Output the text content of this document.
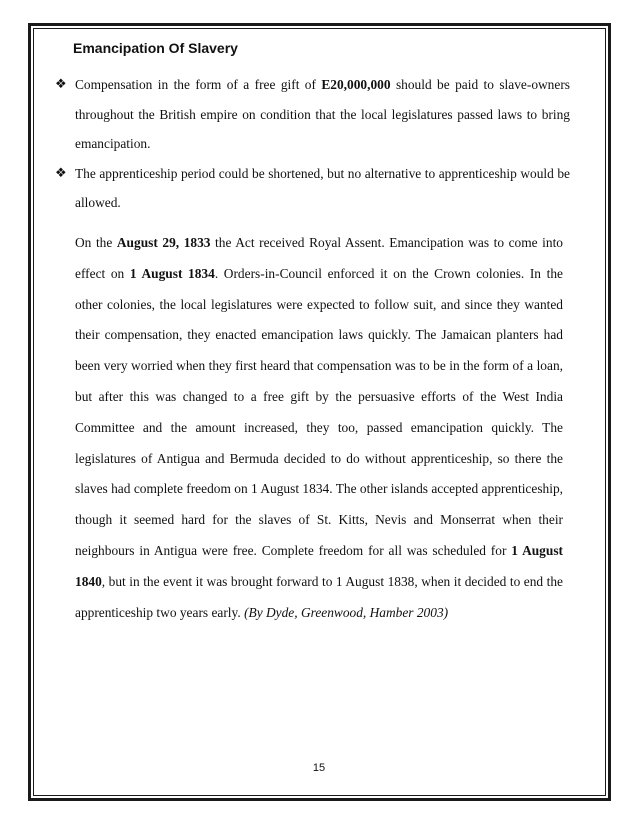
Emancipation Of Slavery
❖ Compensation in the form of a free gift of E20,000,000 should be paid to slave-owners throughout the British empire on condition that the local legislatures passed laws to bring emancipation.
❖ The apprenticeship period could be shortened, but no alternative to apprenticeship would be allowed.

On the August 29, 1833 the Act received Royal Assent. Emancipation was to come into effect on 1 August 1834. Orders-in-Council enforced it on the Crown colonies. In the other colonies, the local legislatures were expected to follow suit, and since they wanted their compensation, they enacted emancipation laws quickly. The Jamaican planters had been very worried when they first heard that compensation was to be in the form of a loan, but after this was changed to a free gift by the persuasive efforts of the West India Committee and the amount increased, they too, passed emancipation quickly. The legislatures of Antigua and Bermuda decided to do without apprenticeship, so there the slaves had complete freedom on 1 August 1834. The other islands accepted apprenticeship, though it seemed hard for the slaves of St. Kitts, Nevis and Monserrat when their neighbours in Antigua were free. Complete freedom for all was scheduled for 1 August 1840, but in the event it was brought forward to 1 August 1838, when it decided to end the apprenticeship two years early. (By Dyde, Greenwood, Hamber 2003)

15
